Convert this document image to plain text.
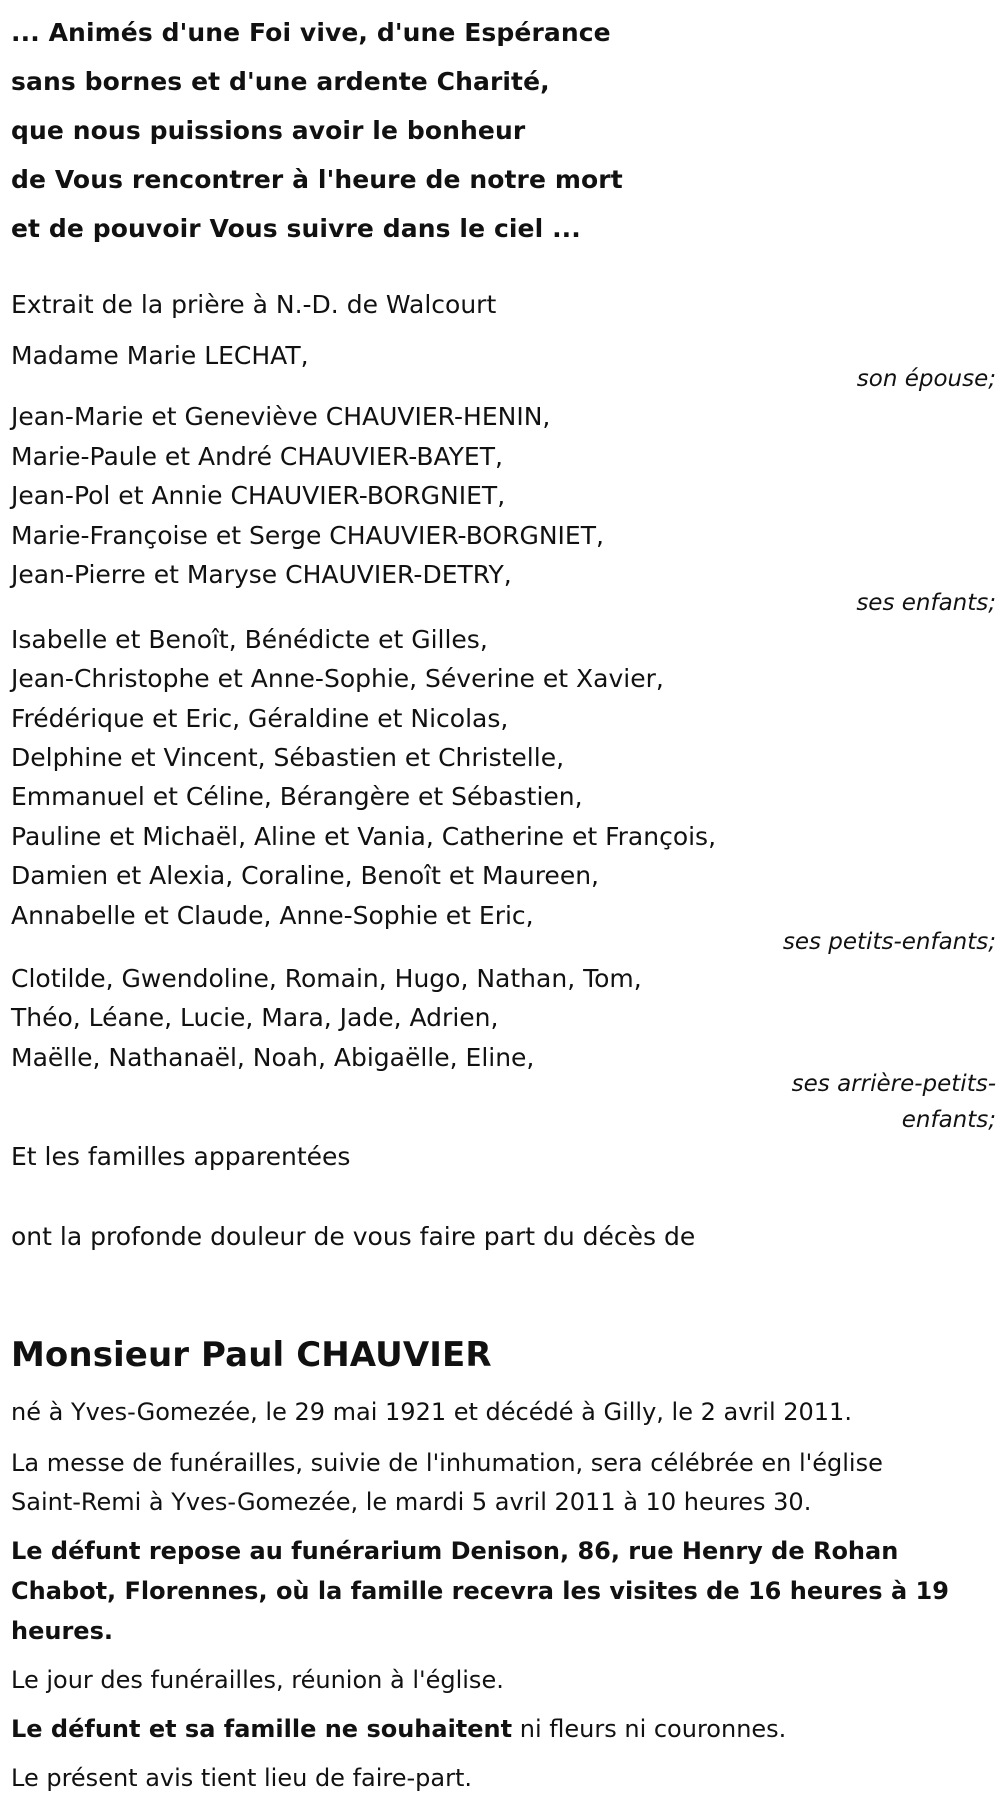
... Animés d'une Foi vive, d'une Espérance
sans bornes et d'une ardente Charité,
que nous puissions avoir le bonheur
de Vous rencontrer à l'heure de notre mort
et de pouvoir Vous suivre dans le ciel ...
Extrait de la prière à N.-D. de Walcourt
Madame Marie LECHAT,
son épouse;
Jean-Marie et Geneviève CHAUVIER-HENIN,
Marie-Paule et André CHAUVIER-BAYET,
Jean-Pol et Annie CHAUVIER-BORGNIET,
Marie-Françoise et Serge CHAUVIER-BORGNIET,
Jean-Pierre et Maryse CHAUVIER-DETRY,
ses enfants;
Isabelle et Benoît, Bénédicte et Gilles,
Jean-Christophe et Anne-Sophie, Séverine et Xavier,
Frédérique et Eric, Géraldine et Nicolas,
Delphine et Vincent, Sébastien et Christelle,
Emmanuel et Céline, Bérangère et Sébastien,
Pauline et Michaël, Aline et Vania, Catherine et François,
Damien et Alexia, Coraline, Benoît et Maureen,
Annabelle et Claude, Anne-Sophie et Eric,
ses petits-enfants;
Clotilde, Gwendoline, Romain, Hugo, Nathan, Tom,
Théo, Léane, Lucie, Mara, Jade, Adrien,
Maëlle, Nathanaël, Noah, Abigaëlle, Eline,
ses arrière-petits-
enfants;
Et les familles apparentées
ont la profonde douleur de vous faire part du décès de
Monsieur Paul CHAUVIER
né à Yves-Gomezée, le 29 mai 1921 et décédé à Gilly, le 2 avril 2011.
La messe de funérailles, suivie de l'inhumation, sera célébrée en l'église
Saint-Remi à Yves-Gomezée, le mardi 5 avril 2011 à 10 heures 30.
Le défunt repose au funérarium Denison, 86, rue Henry de Rohan Chabot, Florennes, où la famille recevra les visites de 16 heures à 19 heures.
Le jour des funérailles, réunion à l'église.
Le défunt et sa famille ne souhaitent ni fleurs ni couronnes.
Le présent avis tient lieu de faire-part.
